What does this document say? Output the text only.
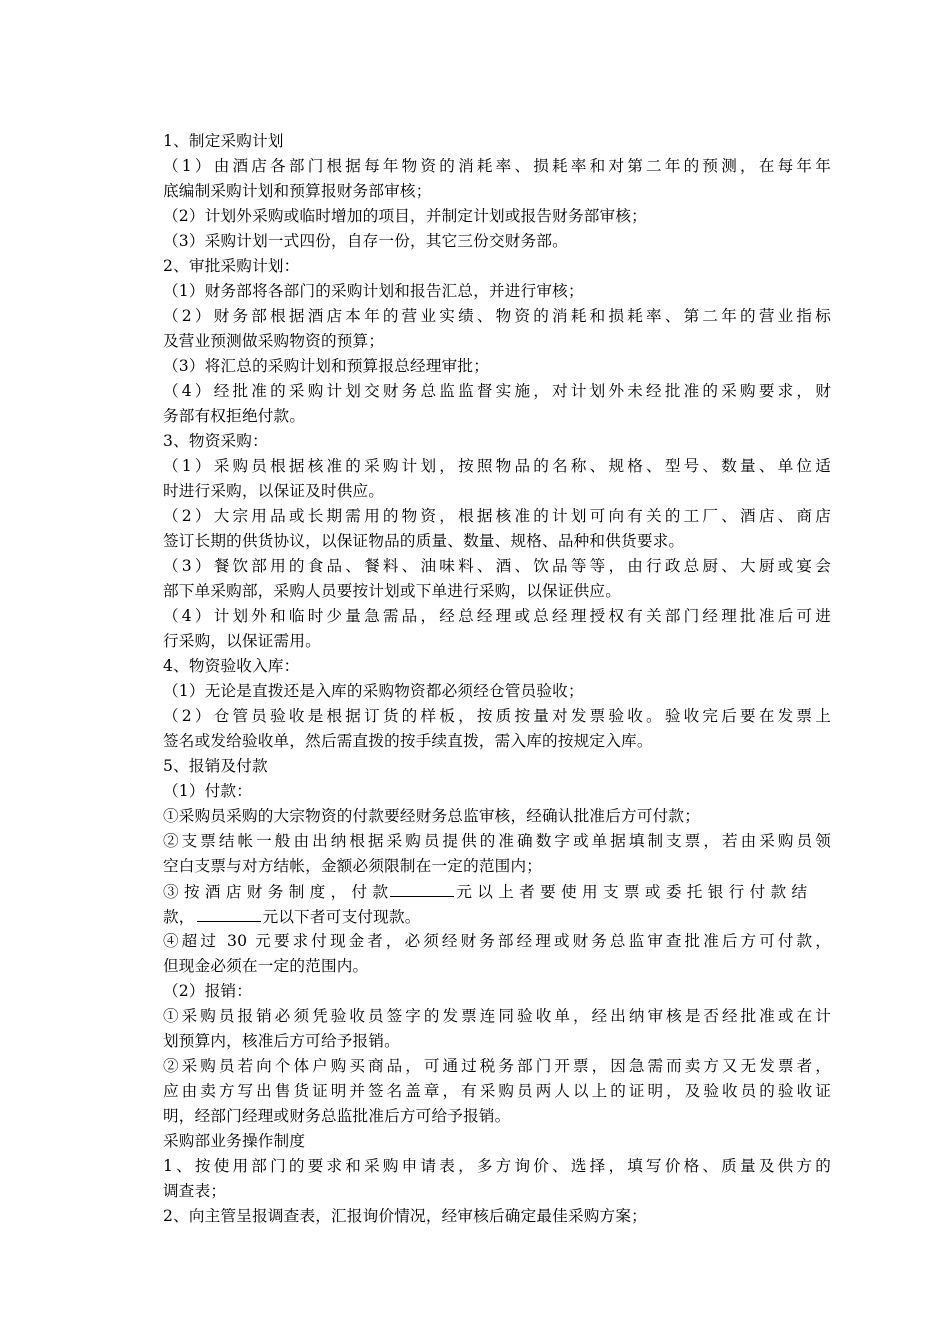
1、制定采购计划
（1）由酒店各部门根据每年物资的消耗率、损耗率和对第二年的预测，在每年年
底编制采购计划和预算报财务部审核；
（2）计划外采购或临时增加的项目，并制定计划或报告财务部审核；
（3）采购计划一式四份，自存一份，其它三份交财务部。
2、审批采购计划：
（1）财务部将各部门的采购计划和报告汇总，并进行审核；
（2）财务部根据酒店本年的营业实绩、物资的消耗和损耗率、第二年的营业指标
及营业预测做采购物资的预算；
（3）将汇总的采购计划和预算报总经理审批；
（4）经批准的采购计划交财务总监监督实施，对计划外未经批准的采购要求，财
务部有权拒绝付款。
3、物资采购：
（1）采购员根据核准的采购计划，按照物品的名称、规格、型号、数量、单位适
时进行采购，以保证及时供应。
（2）大宗用品或长期需用的物资，根据核准的计划可向有关的工厂、酒店、商店
签订长期的供货协议，以保证物品的质量、数量、规格、品种和供货要求。
（3）餐饮部用的食品、餐料、油味料、酒、饮品等等，由行政总厨、大厨或宴会
部下单采购部，采购人员要按计划或下单进行采购，以保证供应。
（4）计划外和临时少量急需品，经总经理或总经理授权有关部门经理批准后可进
行采购，以保证需用。
4、物资验收入库：
（1）无论是直拨还是入库的采购物资都必须经仓管员验收；
（2）仓管员验收是根据订货的样板，按质按量对发票验收。验收完后要在发票上
签名或发给验收单，然后需直拨的按手续直拨，需入库的按规定入库。
5、报销及付款
（1）付款：
①采购员采购的大宗物资的付款要经财务总监审核，经确认批准后方可付款；
②支票结帐一般由出纳根据采购员提供的准确数字或单据填制支票，若由采购员领
空白支票与对方结帐，金额必须限制在一定的范围内；
③ 按 酒 店 财 务 制 度 ， 付 款	元 以 上 者 要 使 用 支 票 或 委 托 银 行 付 款 结
款，	元以下者可支付现款。
④超过 30 元要求付现金者，必须经财务部经理或财务总监审查批准后方可付款，
但现金必须在一定的范围内。
（2）报销：
①采购员报销必须凭验收员签字的发票连同验收单，经出纳审核是否经批准或在计
划预算内，核准后方可给予报销。
②采购员若向个体户购买商品，可通过税务部门开票，因急需而卖方又无发票者，
应由卖方写出售货证明并签名盖章，有采购员两人以上的证明，及验收员的验收证
明，经部门经理或财务总监批准后方可给予报销。
采购部业务操作制度
1、按使用部门的要求和采购申请表，多方询价、选择，填写价格、质量及供方的
调查表；
2、向主管呈报调查表，汇报询价情况，经审核后确定最佳采购方案；
